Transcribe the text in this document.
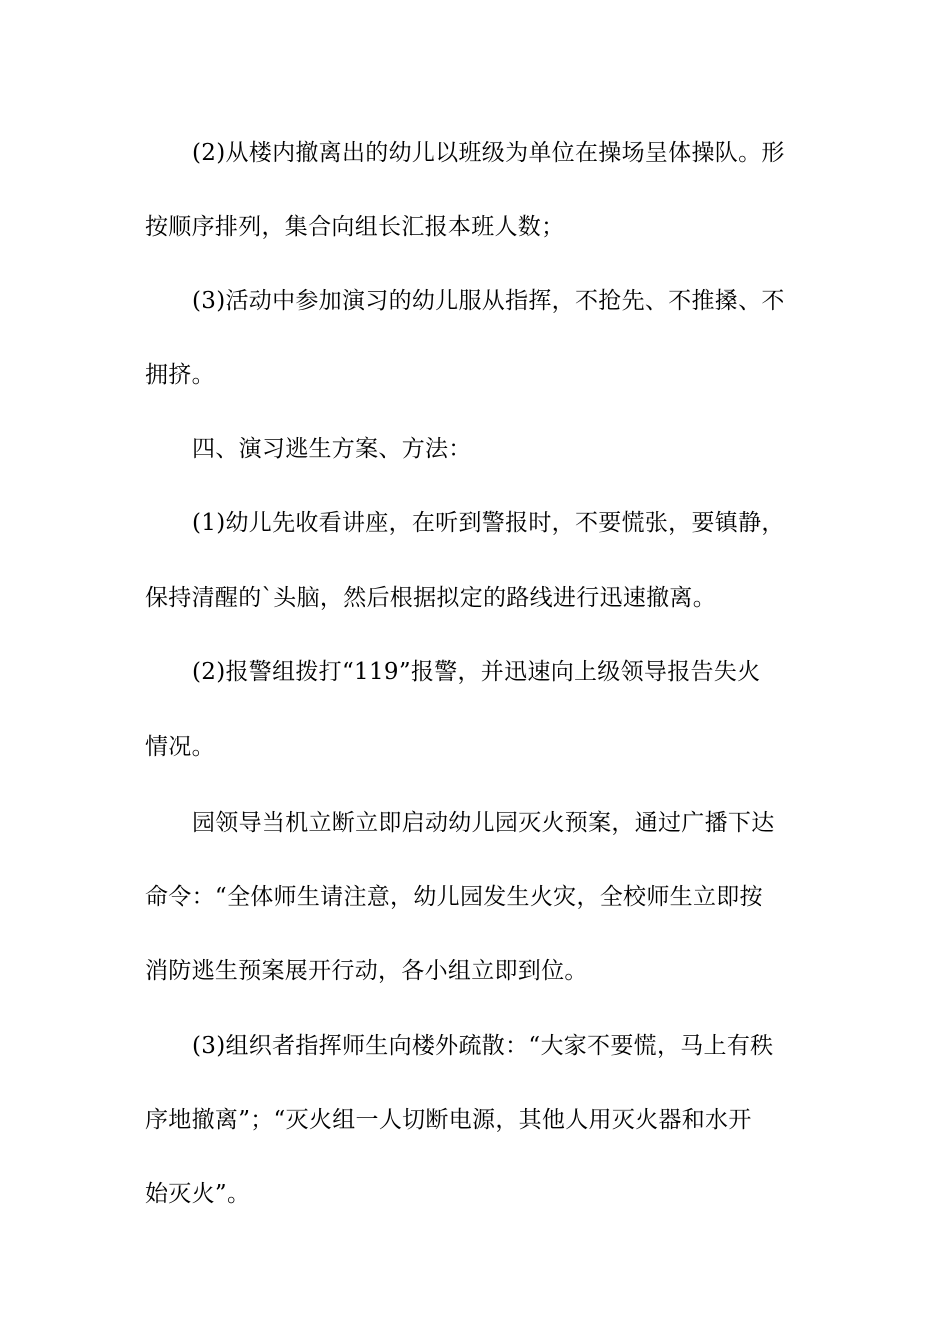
(2)从楼内撤离出的幼儿以班级为单位在操场呈体操队。形
按顺序排列，集合向组长汇报本班人数；
(3)活动中参加演习的幼儿服从指挥，不抢先、不推搡、不
拥挤。
四、演习逃生方案、方法：
(1)幼儿先收看讲座，在听到警报时，不要慌张，要镇静，
保持清醒的`头脑，然后根据拟定的路线进行迅速撤离。
(2)报警组拨打“119”报警，并迅速向上级领导报告失火
情况。
园领导当机立断立即启动幼儿园灭火预案，通过广播下达
命令：“全体师生请注意，幼儿园发生火灾，全校师生立即按
消防逃生预案展开行动，各小组立即到位。
(3)组织者指挥师生向楼外疏散：“大家不要慌，马上有秩
序地撤离”；“灭火组一人切断电源，其他人用灭火器和水开
始灭火”。
